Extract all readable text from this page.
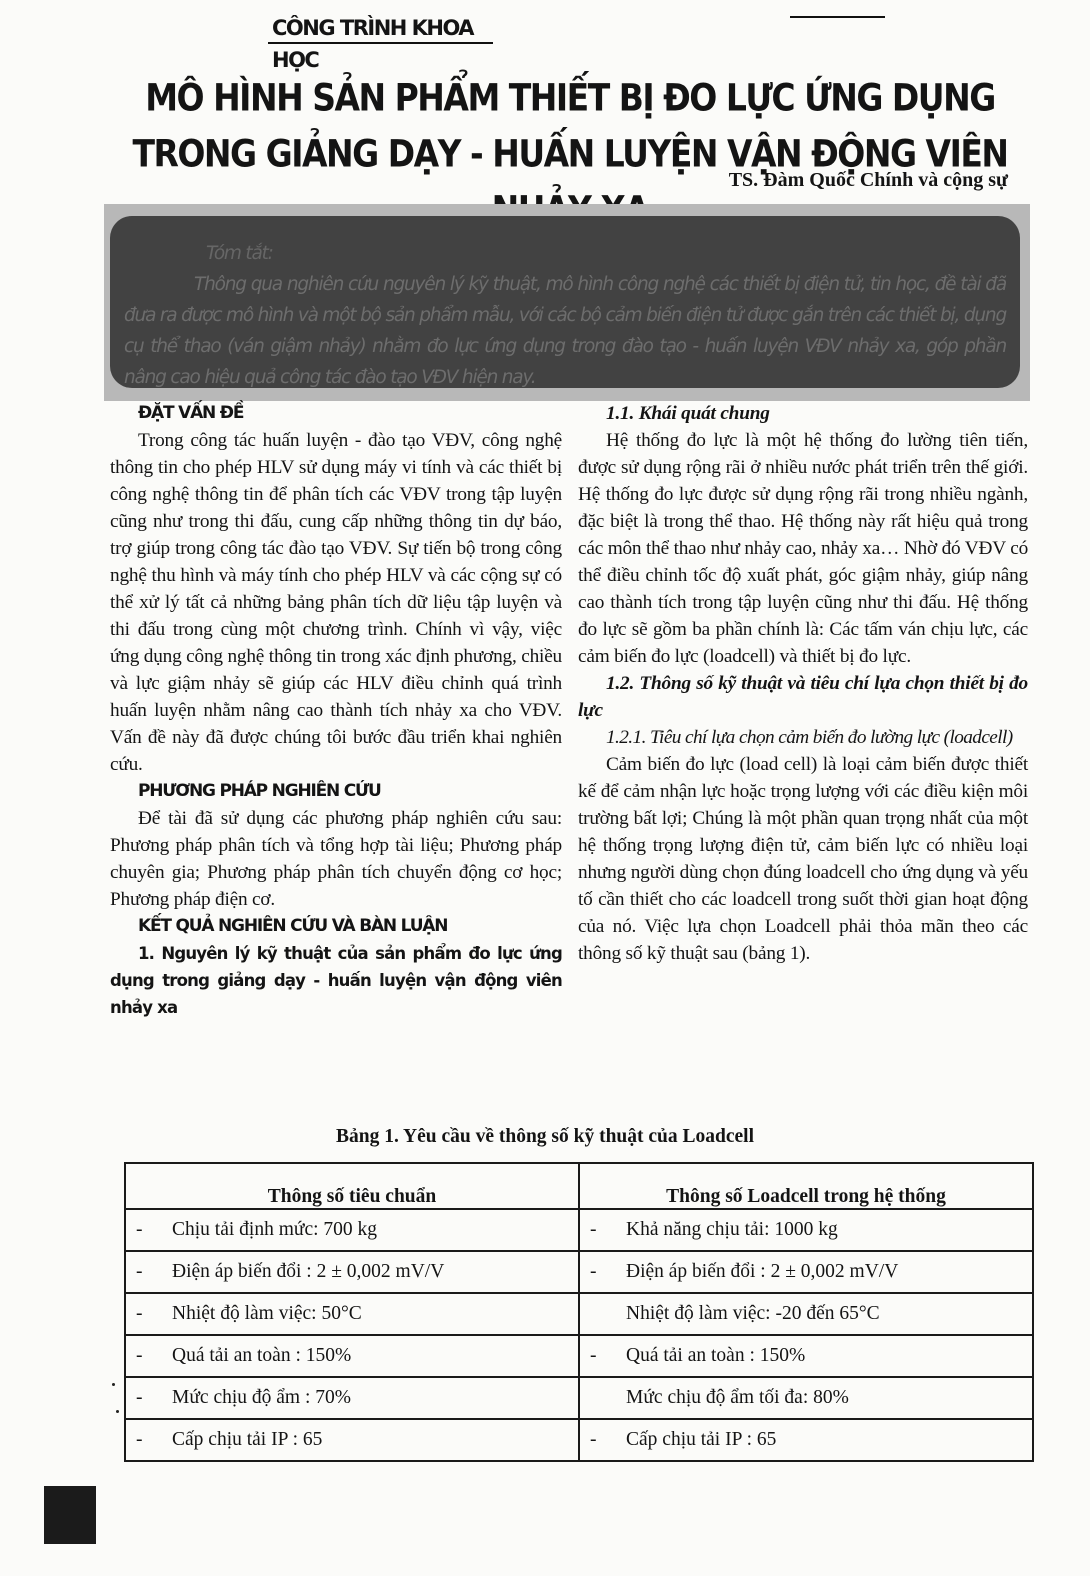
CÔNG TRÌNH KHOA HỌC
MÔ HÌNH SẢN PHẨM THIẾT BỊ ĐO LỰC ỨNG DỤNG
TRONG GIẢNG DẠY - HUẤN LUYỆN VẬN ĐỘNG VIÊN
TS. Đàm Quốc Chính và cộng sự
Tóm tắt:
Thông qua nghiên cứu nguyên lý kỹ thuật, mô hình công nghệ các thiết bị điện tử, tin học, đề tài đã đưa ra được mô hình và một bộ sản phẩm mẫu, với các bộ cảm biến điện tử được gắn trên các thiết bị, dụng cụ thể thao (ván giậm nhảy) nhằm đo lực ứng dụng trong đào tạo - huấn luyện VĐV nhảy xa, góp phần nâng cao hiệu quả công tác đào tạo VĐV hiện nay.
ĐẶT VẤN ĐỀ

Trong công tác huấn luyện - đào tạo VĐV, công nghệ thông tin cho phép HLV sử dụng máy vi tính và các thiết bị công nghệ thông tin để phân tích các VĐV trong tập luyện cũng như trong thi đấu, cung cấp những thông tin dự báo, trợ giúp trong công tác đào tạo VĐV. Sự tiến bộ trong công nghệ thu hình và máy tính cho phép HLV và các cộng sự có thể xử lý tất cả những bảng phân tích dữ liệu tập luyện và thi đấu trong cùng một chương trình. Chính vì vậy, việc ứng dụng công nghệ thông tin trong xác định phương, chiều và lực giậm nhảy sẽ giúp các HLV điều chỉnh quá trình huấn luyện nhằm nâng cao thành tích nhảy xa cho VĐV. Vấn đề này đã được chúng tôi bước đầu triển khai nghiên cứu.

PHƯƠNG PHÁP NGHIÊN CỨU

Để tài đã sử dụng các phương pháp nghiên cứu sau: Phương pháp phân tích và tổng hợp tài liệu; Phương pháp chuyên gia; Phương pháp phân tích chuyển động cơ học; Phương pháp điện cơ.

KẾT QUẢ NGHIÊN CỨU VÀ BÀN LUẬN
1. Nguyên lý kỹ thuật của sản phẩm đo lực ứng dụng trong giảng dạy - huấn luyện vận động viên nhảy xa
1.1. Khái quát chung

Hệ thống đo lực là một hệ thống đo lường tiên tiến, được sử dụng rộng rãi ở nhiều nước phát triển trên thế giới. Hệ thống đo lực được sử dụng rộng rãi trong nhiều ngành, đặc biệt là trong thể thao. Hệ thống này rất hiệu quả trong các môn thể thao như nhảy cao, nhảy xa… Nhờ đó VĐV có thể điều chỉnh tốc độ xuất phát, góc giậm nhảy, giúp nâng cao thành tích trong tập luyện cũng như thi đấu. Hệ thống đo lực sẽ gồm ba phần chính là: Các tấm ván chịu lực, các cảm biến đo lực (loadcell) và thiết bị đo lực.

1.2. Thông số kỹ thuật và tiêu chí lựa chọn thiết bị đo lực
1.2.1. Tiêu chí lựa chọn cảm biến đo lường lực (loadcell)

Cảm biến đo lực (load cell) là loại cảm biến được thiết kế để cảm nhận lực hoặc trọng lượng với các điều kiện môi trường bất lợi; Chúng là một phần quan trọng nhất của một hệ thống trọng lượng điện tử, cảm biến lực có nhiều loại nhưng người dùng chọn đúng loadcell cho ứng dụng và yếu tố cần thiết cho các loadcell trong suốt thời gian hoạt động của nó. Việc lựa chọn Loadcell phải thỏa mãn theo các thông số kỹ thuật sau (bảng 1).

Bảng 1. Yêu cầu về thông số kỹ thuật của Loadcell
Thông số tiêu chuẩn	Thông số Loadcell trong hệ thống
- Chịu tải định mức: 700 kg	- Khả năng chịu tải: 1000 kg
- Điện áp biến đổi : 2 ± 0,002 mV/V	- Điện áp biến đổi : 2 ± 0,002 mV/V
- Nhiệt độ làm việc: 50°C	Nhiệt độ làm việc: -20 đến 65°C
- Quá tải an toàn : 150%	- Quá tải an toàn : 150%
- Mức chịu độ ẩm : 70%	Mức chịu độ ẩm tối đa: 80%
- Cấp chịu tải IP : 65	- Cấp chịu tải IP : 65
